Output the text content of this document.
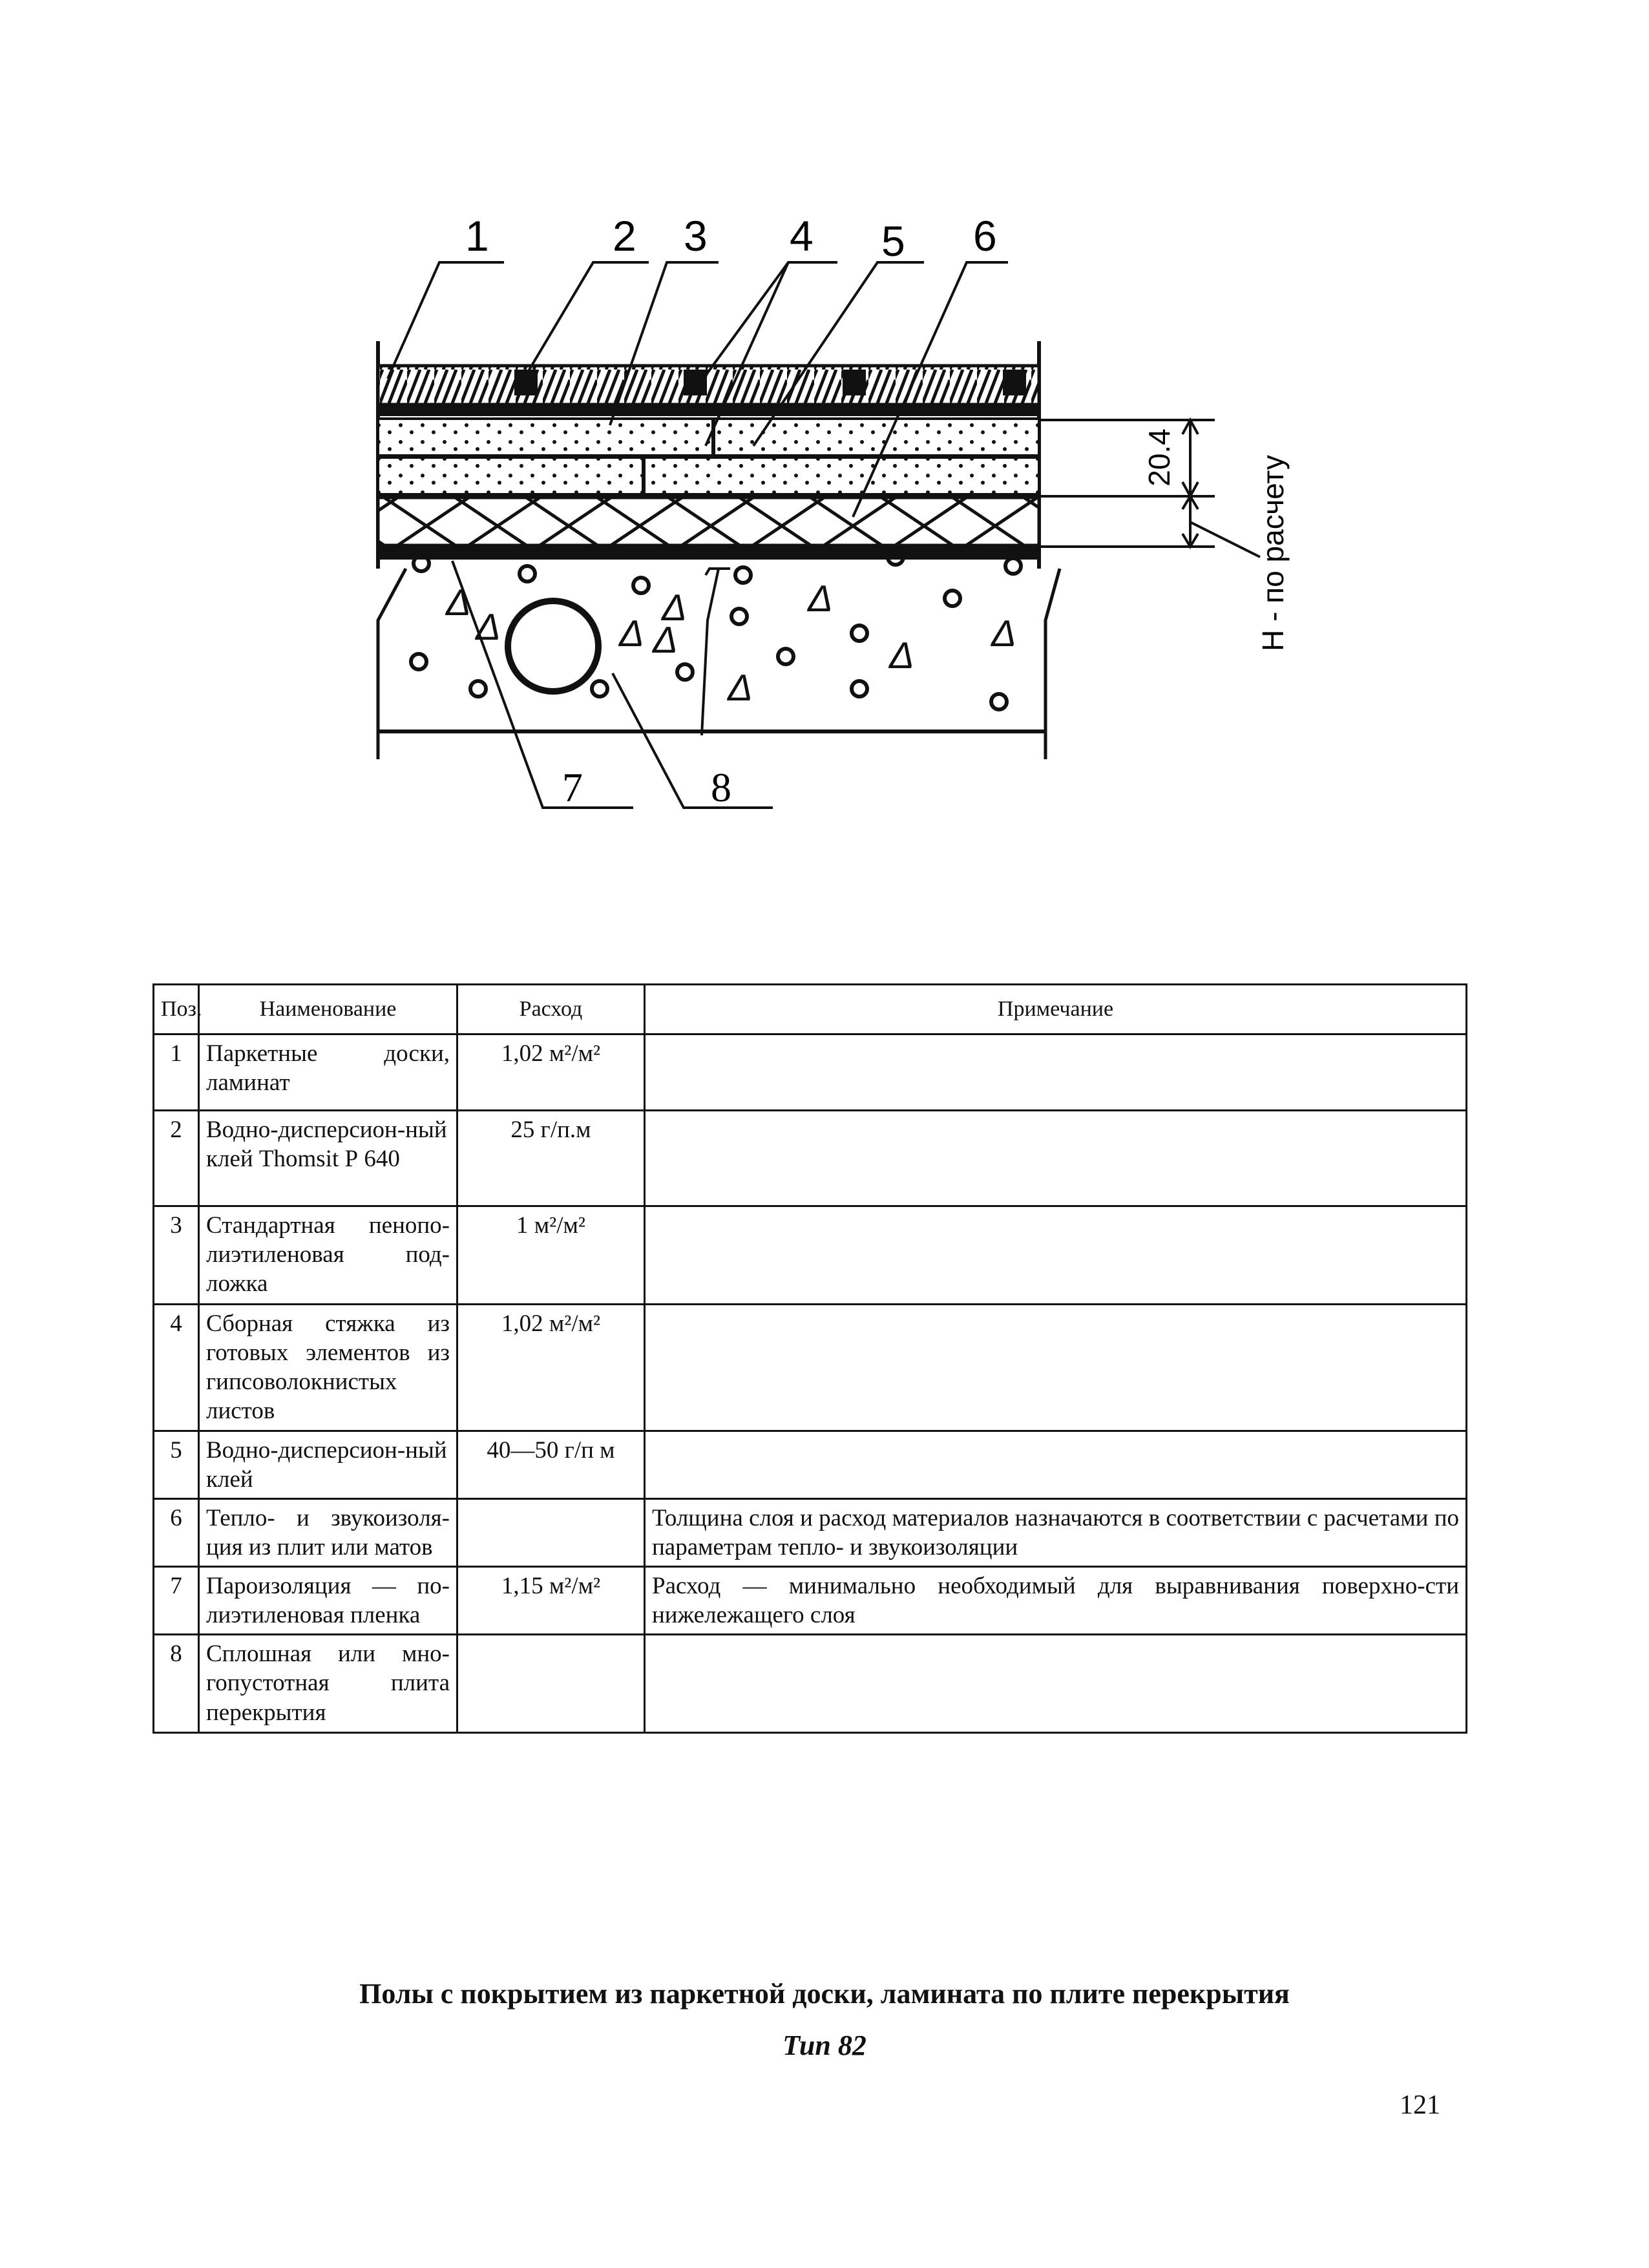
Δ
Δ	Δ
Δ Δ
Δ
Δ
Δ
Δ
20.4	H - по расчету
1	2 3 4 5 6
7	8
Поз.	Наименование	Расход	Примечание
1	Паркетные доски, ламинат	1,02 м²/м²	
2	Водно-дисперсион-ный клей Thomsit Р 640	25 г/п.м	
3	Стандартная пенопо-лиэтиленовая под-ложка	1 м²/м²	
4	Сборная стяжка из готовых элементов из гипсоволокнистых листов	1,02 м²/м²	
5	Водно-дисперсион-ный клей	40—50 г/п м	
6	Тепло- и звукоизоля-ция из плит или матов		Толщина слоя и расход материалов назначаются в соответствии с расчетами по параметрам тепло- и звукоизоляции
7	Пароизоляция — по-лиэтиленовая пленка	1,15 м²/м²	Расход — минимально необходимый для выравнивания поверхно-сти нижележащего слоя
8	Сплошная или мно-гопустотная плита перекрытия		
Полы с покрытием из паркетной доски, ламината по плите перекрытия
Тип 82
121
